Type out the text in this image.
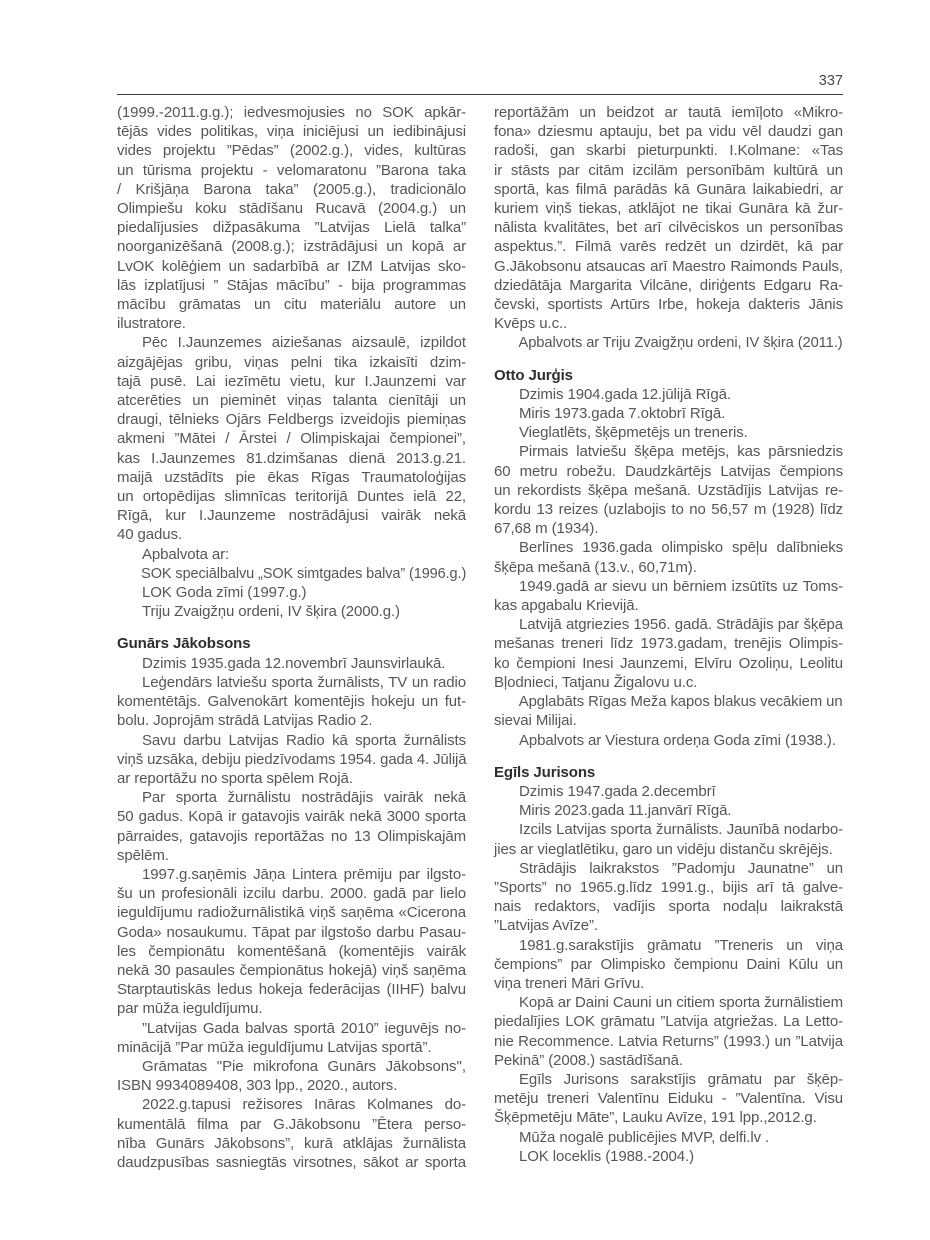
337
(1999.-2011.g.g.); iedvesmojusies no SOK apkār-
tējās vides politikas, viņa iniciējusi un iedibinājusi
vides projektu ”Pēdas” (2002.g.), vides, kultūras
un tūrisma projektu - velomaratonu ”Barona taka
/ Krišjāņa Barona taka” (2005.g.), tradicionālo
Olimpiešu koku stādīšanu Rucavā (2004.g.) un
piedalījusies dižpasākuma ”Latvijas Lielā talka”
noorganizēšanā (2008.g.); izstrādājusi un kopā ar
LvOK kolēģiem un sadarbībā ar IZM Latvijas sko-
lās izplatījusi ” Stājas mācību” - bija programmas
mācību grāmatas un citu materiālu autore un
ilustratore.
Pēc I.Jaunzemes aiziešanas aizsaulē, izpildot
aizgājējas gribu, viņas pelni tika izkaisīti dzim-
tajā pusē. Lai iezīmētu vietu, kur I.Jaunzemi var
atcerēties un pieminēt viņas talanta cienītāji un
draugi, tēlnieks Ojārs Feldbergs izveidojis piemiņas
akmeni ”Mātei / Ārstei / Olimpiskajai čempionei”,
kas I.Jaunzemes 81.dzimšanas dienā 2013.g.21.
maijā uzstādīts pie ēkas Rīgas Traumatoloģijas
un ortopēdijas slimnīcas teritorijā Duntes ielā 22,
Rīgā, kur I.Jaunzeme nostrādājusi vairāk nekā
40 gadus.
Apbalvota ar:
SOK speciālbalvu „SOK simtgades balva” (1996.g.)
LOK Goda zīmi (1997.g.)
Triju Zvaigžņu ordeni, IV šķira (2000.g.)
Gunārs Jākobsons
Dzimis 1935.gada 12.novembrī Jaunsvirlaukā.
Leģendārs latviešu sporta žurnālists, TV un radio
komentētājs. Galvenokārt komentējis hokeju un fut-
bolu. Joprojām strādā Latvijas Radio 2.
Savu darbu Latvijas Radio kā sporta žurnālists
viņš uzsāka, debiju piedzīvodams 1954. gada 4. Jūlijā
ar reportāžu no sporta spēlem Rojā.
Par sporta žurnālistu nostrādājis vairāk nekā
50 gadus. Kopā ir gatavojis vairāk nekā 3000 sporta
pārraides, gatavojis reportāžas no 13 Olimpiskajām
spēlēm.
1997.g.saņēmis Jāņa Lintera prēmiju par ilgsto-
šu un profesionāli izcilu darbu. 2000. gadā par lielo
ieguldījumu radiožurnālistikā viņš saņēma «Cicerona
Goda» nosaukumu. Tāpat par ilgstošo darbu Pasau-
les čempionātu komentēšanā (komentējis vairāk
nekā 30 pasaules čempionātus hokejā) viņš saņēma
Starptautiskās ledus hokeja federācijas (IIHF) balvu
par mūža ieguldījumu.
”Latvijas Gada balvas sportā 2010” ieguvējs no-
minācijā ”Par mūža ieguldījumu Latvijas sportā”.
Grāmatas ''Pie mikrofona Gunārs Jākobsons'',
ISBN 9934089408, 303 lpp., 2020., autors.
2022.g.tapusi režisores Ināras Kolmanes do-
kumentālā filma par G.Jākobsonu ”Ētera perso-
nība Gunārs Jākobsons”, kurā atklājas žurnālista
daudzpusības sasniegtās virsotnes, sākot ar sporta
reportāžām un beidzot ar tautā iemīļoto «Mikro-
fona» dziesmu aptauju, bet pa vidu vēl daudzi gan
radoši, gan skarbi pieturpunkti. I.Kolmane: «Tas
ir stāsts par citām izcilām personībām kultūrā un
sportā, kas filmā parādās kā Gunāra laikabiedri, ar
kuriem viņš tiekas, atklājot ne tikai Gunāra kā žur-
nālista kvalitātes, bet arī cilvēciskos un personības
aspektus.”. Filmā varēs redzēt un dzirdēt, kā par
G.Jākobsonu atsaucas arī Maestro Raimonds Pauls,
dziedātāja Margarita Vilcāne, diriģents Edgaru Ra-
čevski, sportists Artūrs Irbe, hokeja dakteris Jānis
Kvēps u.c..
Apbalvots ar Triju Zvaigžņu ordeni, IV šķira (2011.)
Otto Jurģis
Dzimis 1904.gada 12.jūlijā Rīgā.
Miris 1973.gada 7.oktobrī Rīgā.
Vieglatlēts, šķēpmetējs un treneris.
Pirmais latviešu šķēpa metējs, kas pārsniedzis
60 metru robežu. Daudzkārtējs Latvijas čempions
un rekordists šķēpa mešanā. Uzstādījis Latvijas re-
kordu 13 reizes (uzlabojis to no 56,57 m (1928) līdz
67,68 m (1934).
Berlīnes 1936.gada olimpisko spēļu dalībnieks
šķēpa mešanā (13.v., 60,71m).
1949.gadā ar sievu un bērniem izsūtīts uz Toms-
kas apgabalu Krievijā.
Latvijā atgriezies 1956. gadā. Strādājis par šķēpa
mešanas treneri līdz 1973.gadam, trenējis Olimpis-
ko čempioni Inesi Jaunzemi, Elvīru Ozoliņu, Leolitu
Bļodnieci, Tatjanu Žigalovu u.c.
Apglabāts Rīgas Meža kapos blakus vecākiem un
sievai Milijai.
Apbalvots ar Viestura ordeņa Goda zīmi (1938.).
Egīls Jurisons
Dzimis 1947.gada 2.decembrī
Miris 2023.gada 11.janvārī Rīgā.
Izcils Latvijas sporta žurnālists. Jaunībā nodarbo-
jies ar vieglatlētiku, garo un vidēju distanču skrējējs.
Strādājis laikrakstos ”Padomju Jaunatne” un
”Sports” no 1965.g.līdz 1991.g., bijis arī tā galve-
nais redaktors, vadījis sporta nodaļu laikrakstā
”Latvijas Avīze”.
1981.g.sarakstījis grāmatu ”Treneris un viņa
čempions” par Olimpisko čempionu Daini Kūlu un
viņa treneri Māri Grīvu.
Kopā ar Daini Cauni un citiem sporta žurnālistiem
piedalījies LOK grāmatu ”Latvija atgriežas. La Letto-
nie Recommence. Latvia Returns” (1993.) un ”Latvija
Pekinā” (2008.) sastādīšanā.
Egīls Jurisons sarakstījis grāmatu par šķēp-
metēju treneri Valentīnu Eiduku - ”Valentīna. Visu
Šķēpmetēju Māte”, Lauku Avīze, 191 lpp.,2012.g.
Mūža nogalē publicējies MVP, delfi.lv .
LOK loceklis (1988.-2004.)
